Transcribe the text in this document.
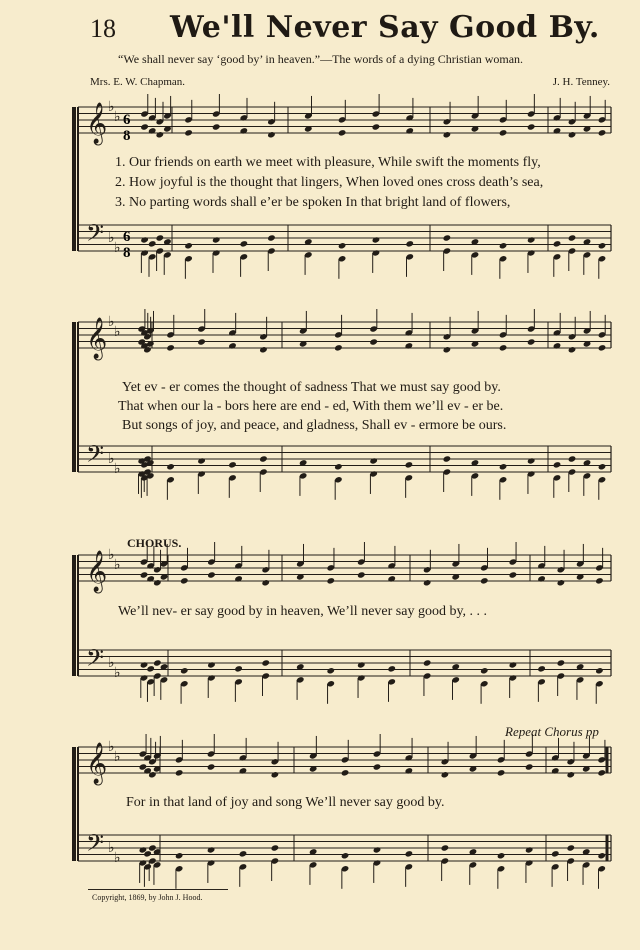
18 We'll Never Say Good By.
“We shall never say ‘good by’ in heaven.”—The words of a dying Christian woman.
Mrs. E. W. Chapman.	J. H. Tenney.
6
8
6
8
𝄞 ♭
♭
𝄢 ♭
♭
𝄞 ♭
♭
𝄢 ♭
♭
𝄞 ♭
♭
𝄢 ♭
♭
𝄞 ♭
♭
𝄢 ♭
♭
1. Our friends on earth we meet with pleasure, While swift the moments fly,
2. How joyful is the thought that lingers, When loved ones cross death’s sea,
3. No parting words shall e’er be spoken In that bright land of flowers,
Yet ev - er comes the thought of sadness That we must say good by.
That when our la - bors here are end - ed, With them we’ll ev - er be.
But songs of joy, and peace, and gladness, Shall ev - ermore be ours.
CHORUS.
We’ll nev- er say good by in heaven, We’ll never say good by, . . .
Repeat Chorus pp
For in that land of joy and song We’ll never say good by.
Copyright, 1869, by John J. Hood.
